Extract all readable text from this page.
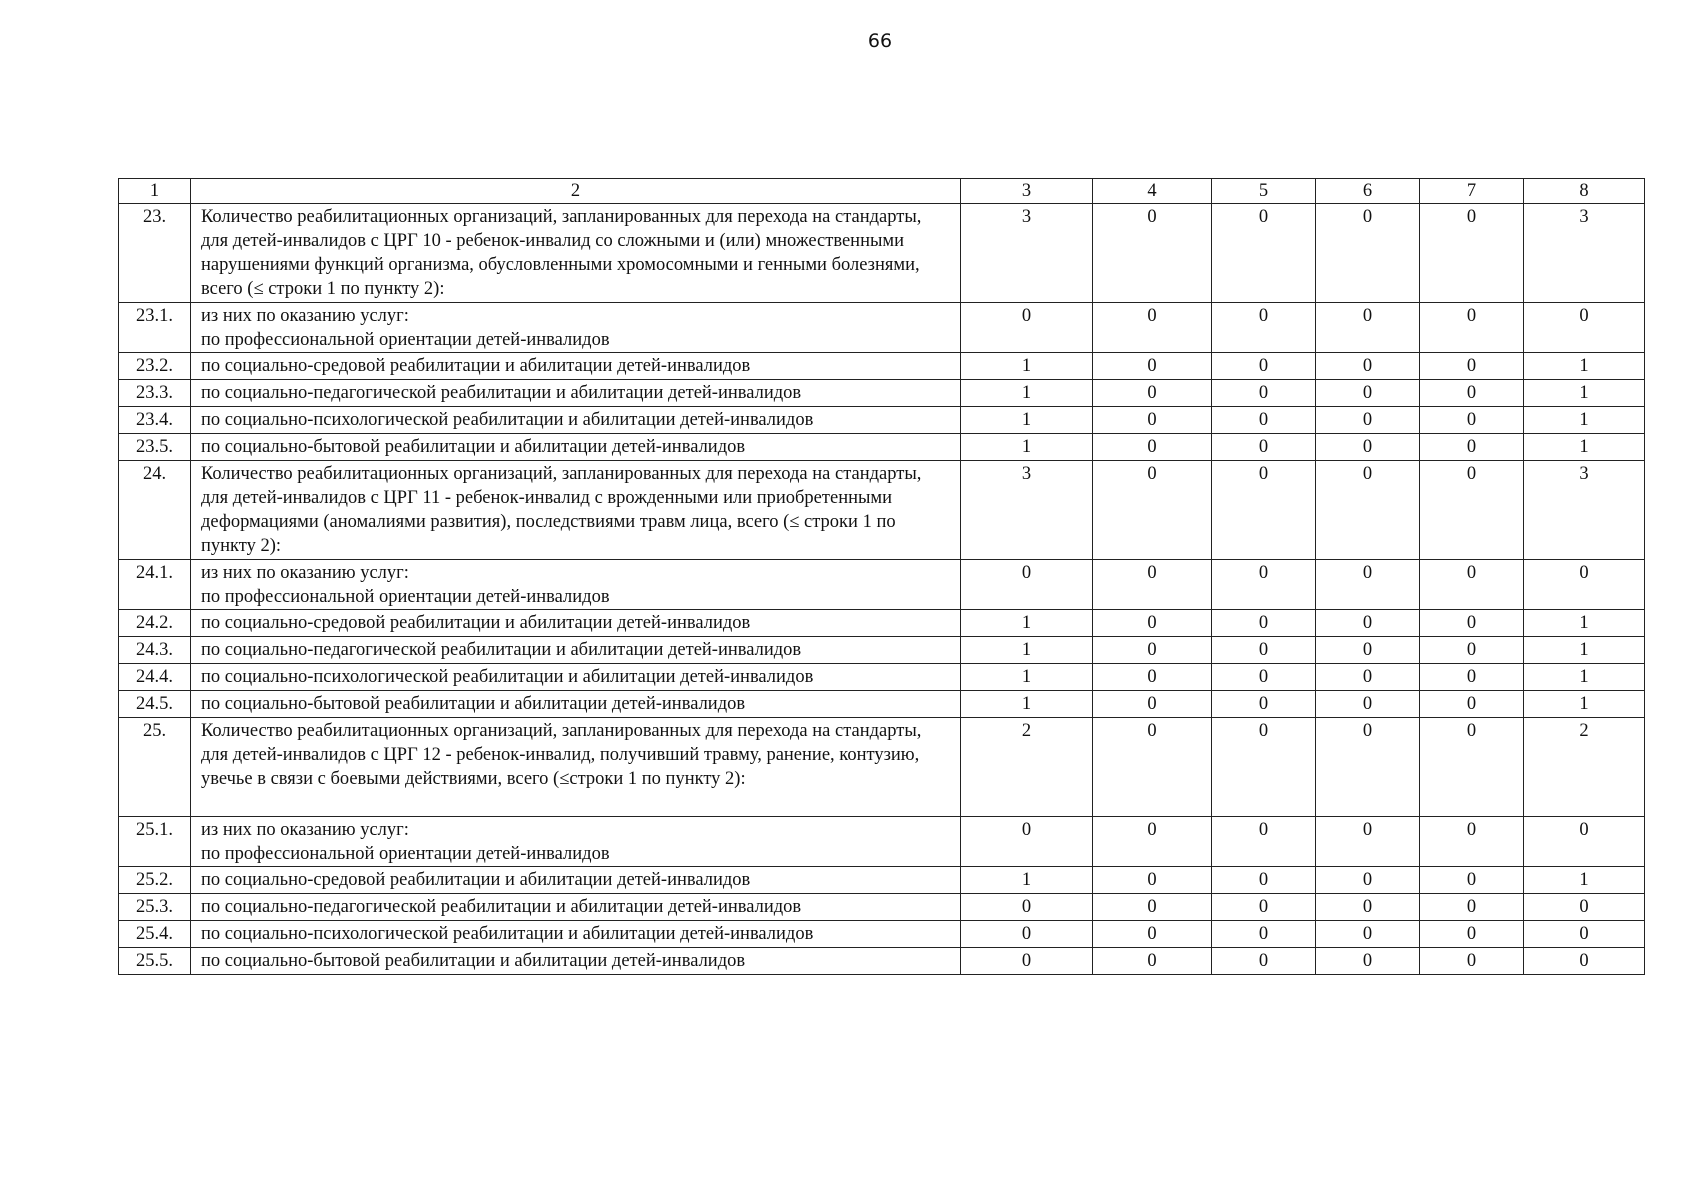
66
1	2	3	4	5	6	7	8
23.	Количество реабилитационных организаций, запланированных для перехода на стандарты, для детей-инвалидов с ЦРГ 10 - ребенок-инвалид со сложными и (или) множественными нарушениями функций организма, обусловленными хромосомными и генными болезнями, всего (≤ строки 1 по пункту 2):	3	0	0	0	0	3
23.1.	из них по оказанию услуг:
по профессиональной ориентации детей-инвалидов	0	0	0	0	0	0
23.2.	по социально-средовой реабилитации и абилитации детей-инвалидов	1	0	0	0	0	1
23.3.	по социально-педагогической реабилитации и абилитации детей-инвалидов	1	0	0	0	0	1
23.4.	по социально-психологической реабилитации и абилитации детей-инвалидов	1	0	0	0	0	1
23.5.	по социально-бытовой реабилитации и абилитации детей-инвалидов	1	0	0	0	0	1
24.	Количество реабилитационных организаций, запланированных для перехода на стандарты, для детей-инвалидов с ЦРГ 11 - ребенок-инвалид с врожденными или приобретенными деформациями (аномалиями развития), последствиями травм лица, всего (≤ строки 1 по пункту 2):	3	0	0	0	0	3
24.1.	из них по оказанию услуг:
по профессиональной ориентации детей-инвалидов	0	0	0	0	0	0
24.2.	по социально-средовой реабилитации и абилитации детей-инвалидов	1	0	0	0	0	1
24.3.	по социально-педагогической реабилитации и абилитации детей-инвалидов	1	0	0	0	0	1
24.4.	по социально-психологической реабилитации и абилитации детей-инвалидов	1	0	0	0	0	1
24.5.	по социально-бытовой реабилитации и абилитации детей-инвалидов	1	0	0	0	0	1
25.	Количество реабилитационных организаций, запланированных для перехода на стандарты, для детей-инвалидов с ЦРГ 12 - ребенок-инвалид, получивший травму, ранение, контузию, увечье в связи с боевыми действиями, всего (≤строки 1 по пункту 2):	2	0	0	0	0	2
25.1.	из них по оказанию услуг:
по профессиональной ориентации детей-инвалидов	0	0	0	0	0	0
25.2.	по социально-средовой реабилитации и абилитации детей-инвалидов	1	0	0	0	0	1
25.3.	по социально-педагогической реабилитации и абилитации детей-инвалидов	0	0	0	0	0	0
25.4.	по социально-психологической реабилитации и абилитации детей-инвалидов	0	0	0	0	0	0
25.5.	по социально-бытовой реабилитации и абилитации детей-инвалидов	0	0	0	0	0	0
